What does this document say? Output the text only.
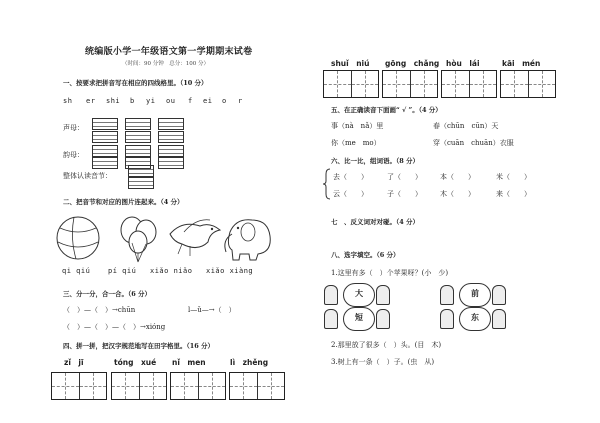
统编版小学一年级语文第一学期期末试卷
（时间：90 分钟　总分：100 分）
一、按要求把拼音写在相应的四线格里。（10 分）
sh er shi b yi ou f ei o r
声母：
韵母：
整体认读音节：
二、把音节和对应的图片连起来。（4 分）
qi qiú	pí qiú xiǎo niǎo xiǎo xiàng
三、分一分，合一合。（6 分）
（　）—（　）→chūn	l—ǔ—→（　）
（　）—（　）—（　）→xióng
四、拼一拼，把汉字规范地写在田字格里。（16 分）
zǐ　jī	tóng　xué nǐ　men	lì　zhěng
shuǐ　niú gōng　chǎng hòu　lái	kāi　mén
五、在正确读音下面画“ √ ”。（4 分）
事（nà　nǎ）里	春（chūn　cūn）天
你（me　mo）	穿（cuān　chuān）衣服
六、比一比，组词语。（8 分）
去（　　）	了（　　）	本（　　）	米（　　）
云（　　）	子（　　）	木（　　）	来（　　）
七　、反义词对对碰。（4 分）
八、选字填空。（6 分）
1.这里有多（　）个苹果呀？(小　少)
大	前
短	东
2.那里放了很多（　）头。(目　木)
3.树上有一条（　）子。(虫　从)
